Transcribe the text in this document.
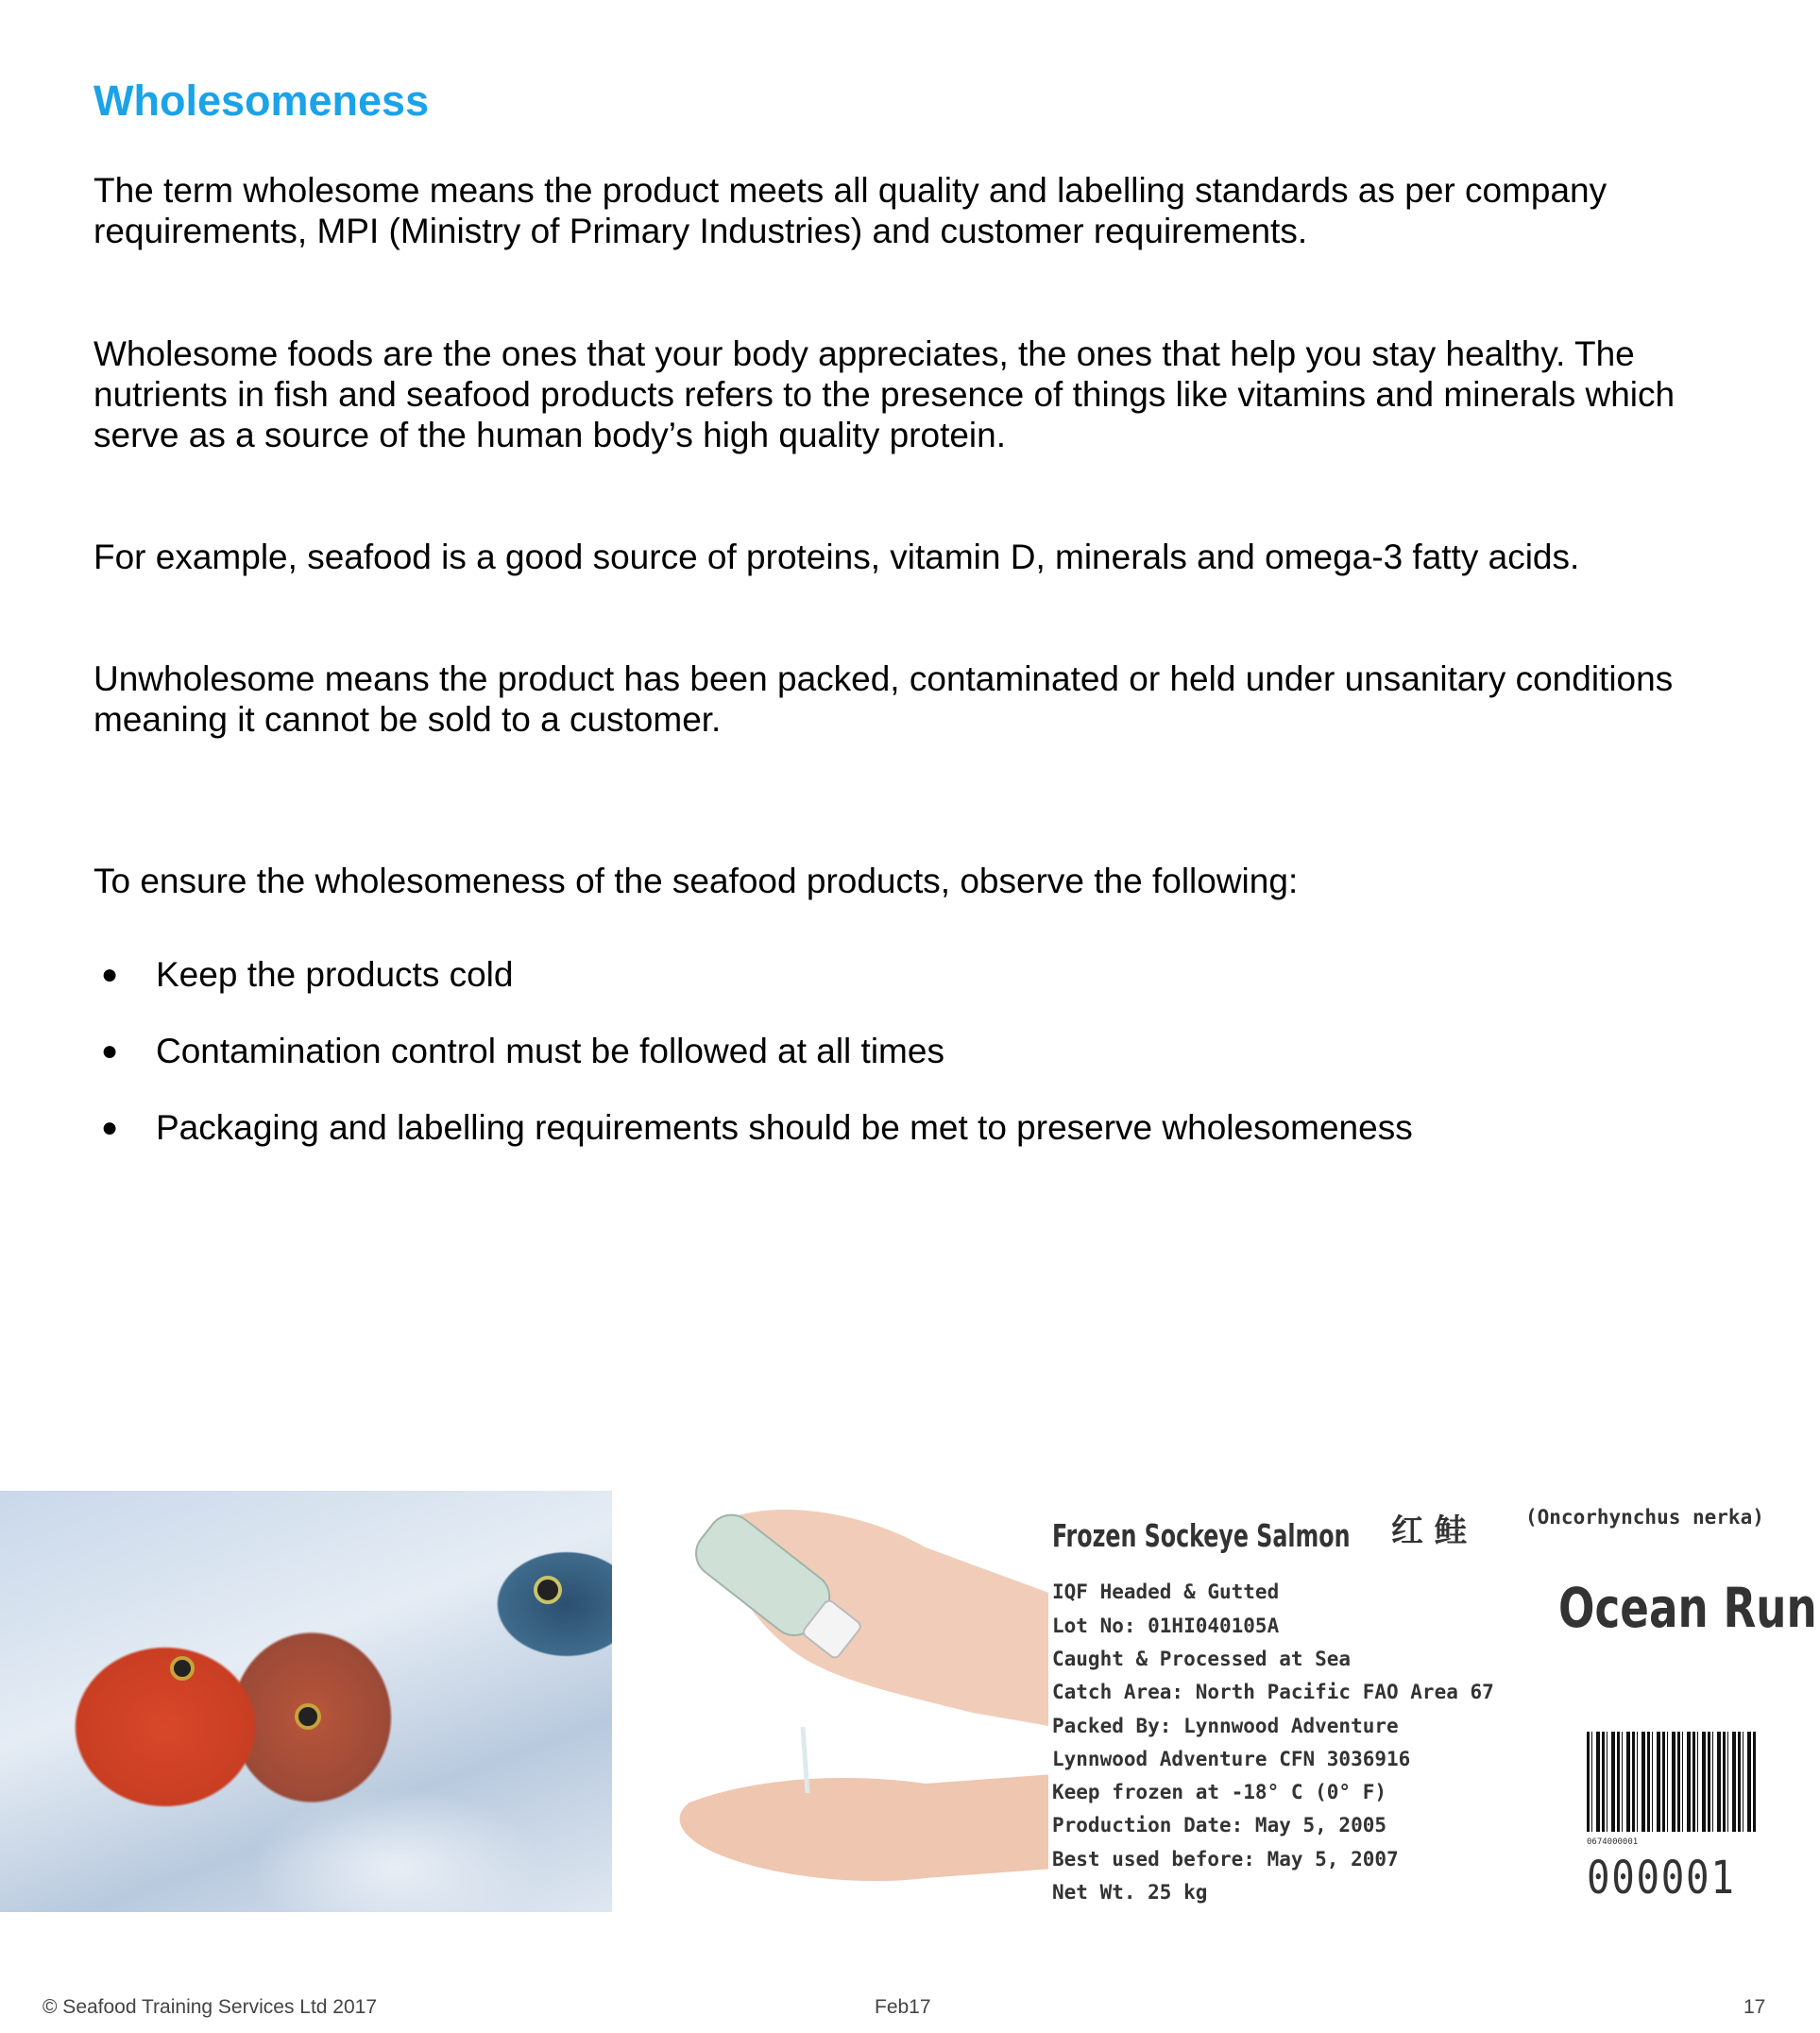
Wholesomeness

The term wholesome means the product meets all quality and labelling standards as per company requirements, MPI (Ministry of Primary Industries) and customer requirements.

Wholesome foods are the ones that your body appreciates, the ones that help you stay healthy. The nutrients in fish and seafood products refers to the presence of things like vitamins and minerals which serve as a source of the human body’s high quality protein.

For example, seafood is a good source of proteins, vitamin D, minerals and omega-3 fatty acids.

Unwholesome means the product has been packed, contaminated or held under unsanitary conditions meaning it cannot be sold to a customer.

To ensure the wholesomeness of the seafood products, observe the following:

● Keep the products cold
● Contamination control must be followed at all times
● Packaging and labelling requirements should be met to preserve wholesomeness
Frozen Sockeye Salmon 红 鲑	(Oncorhynchus nerka)
Ocean Run
IQF Headed & Gutted
Lot No: 01HI040105A
Caught & Processed at Sea
Catch Area: North Pacific FAO Area 67
Packed By: Lynnwood Adventure
Lynnwood Adventure CFN 3036916
Keep frozen at -18° C (0° F)
Production Date: May 5, 2005
Best used before: May 5, 2007
Net Wt. 25 kg
0674000001
000001
© Seafood Training Services Ltd 2017	Feb17	17
